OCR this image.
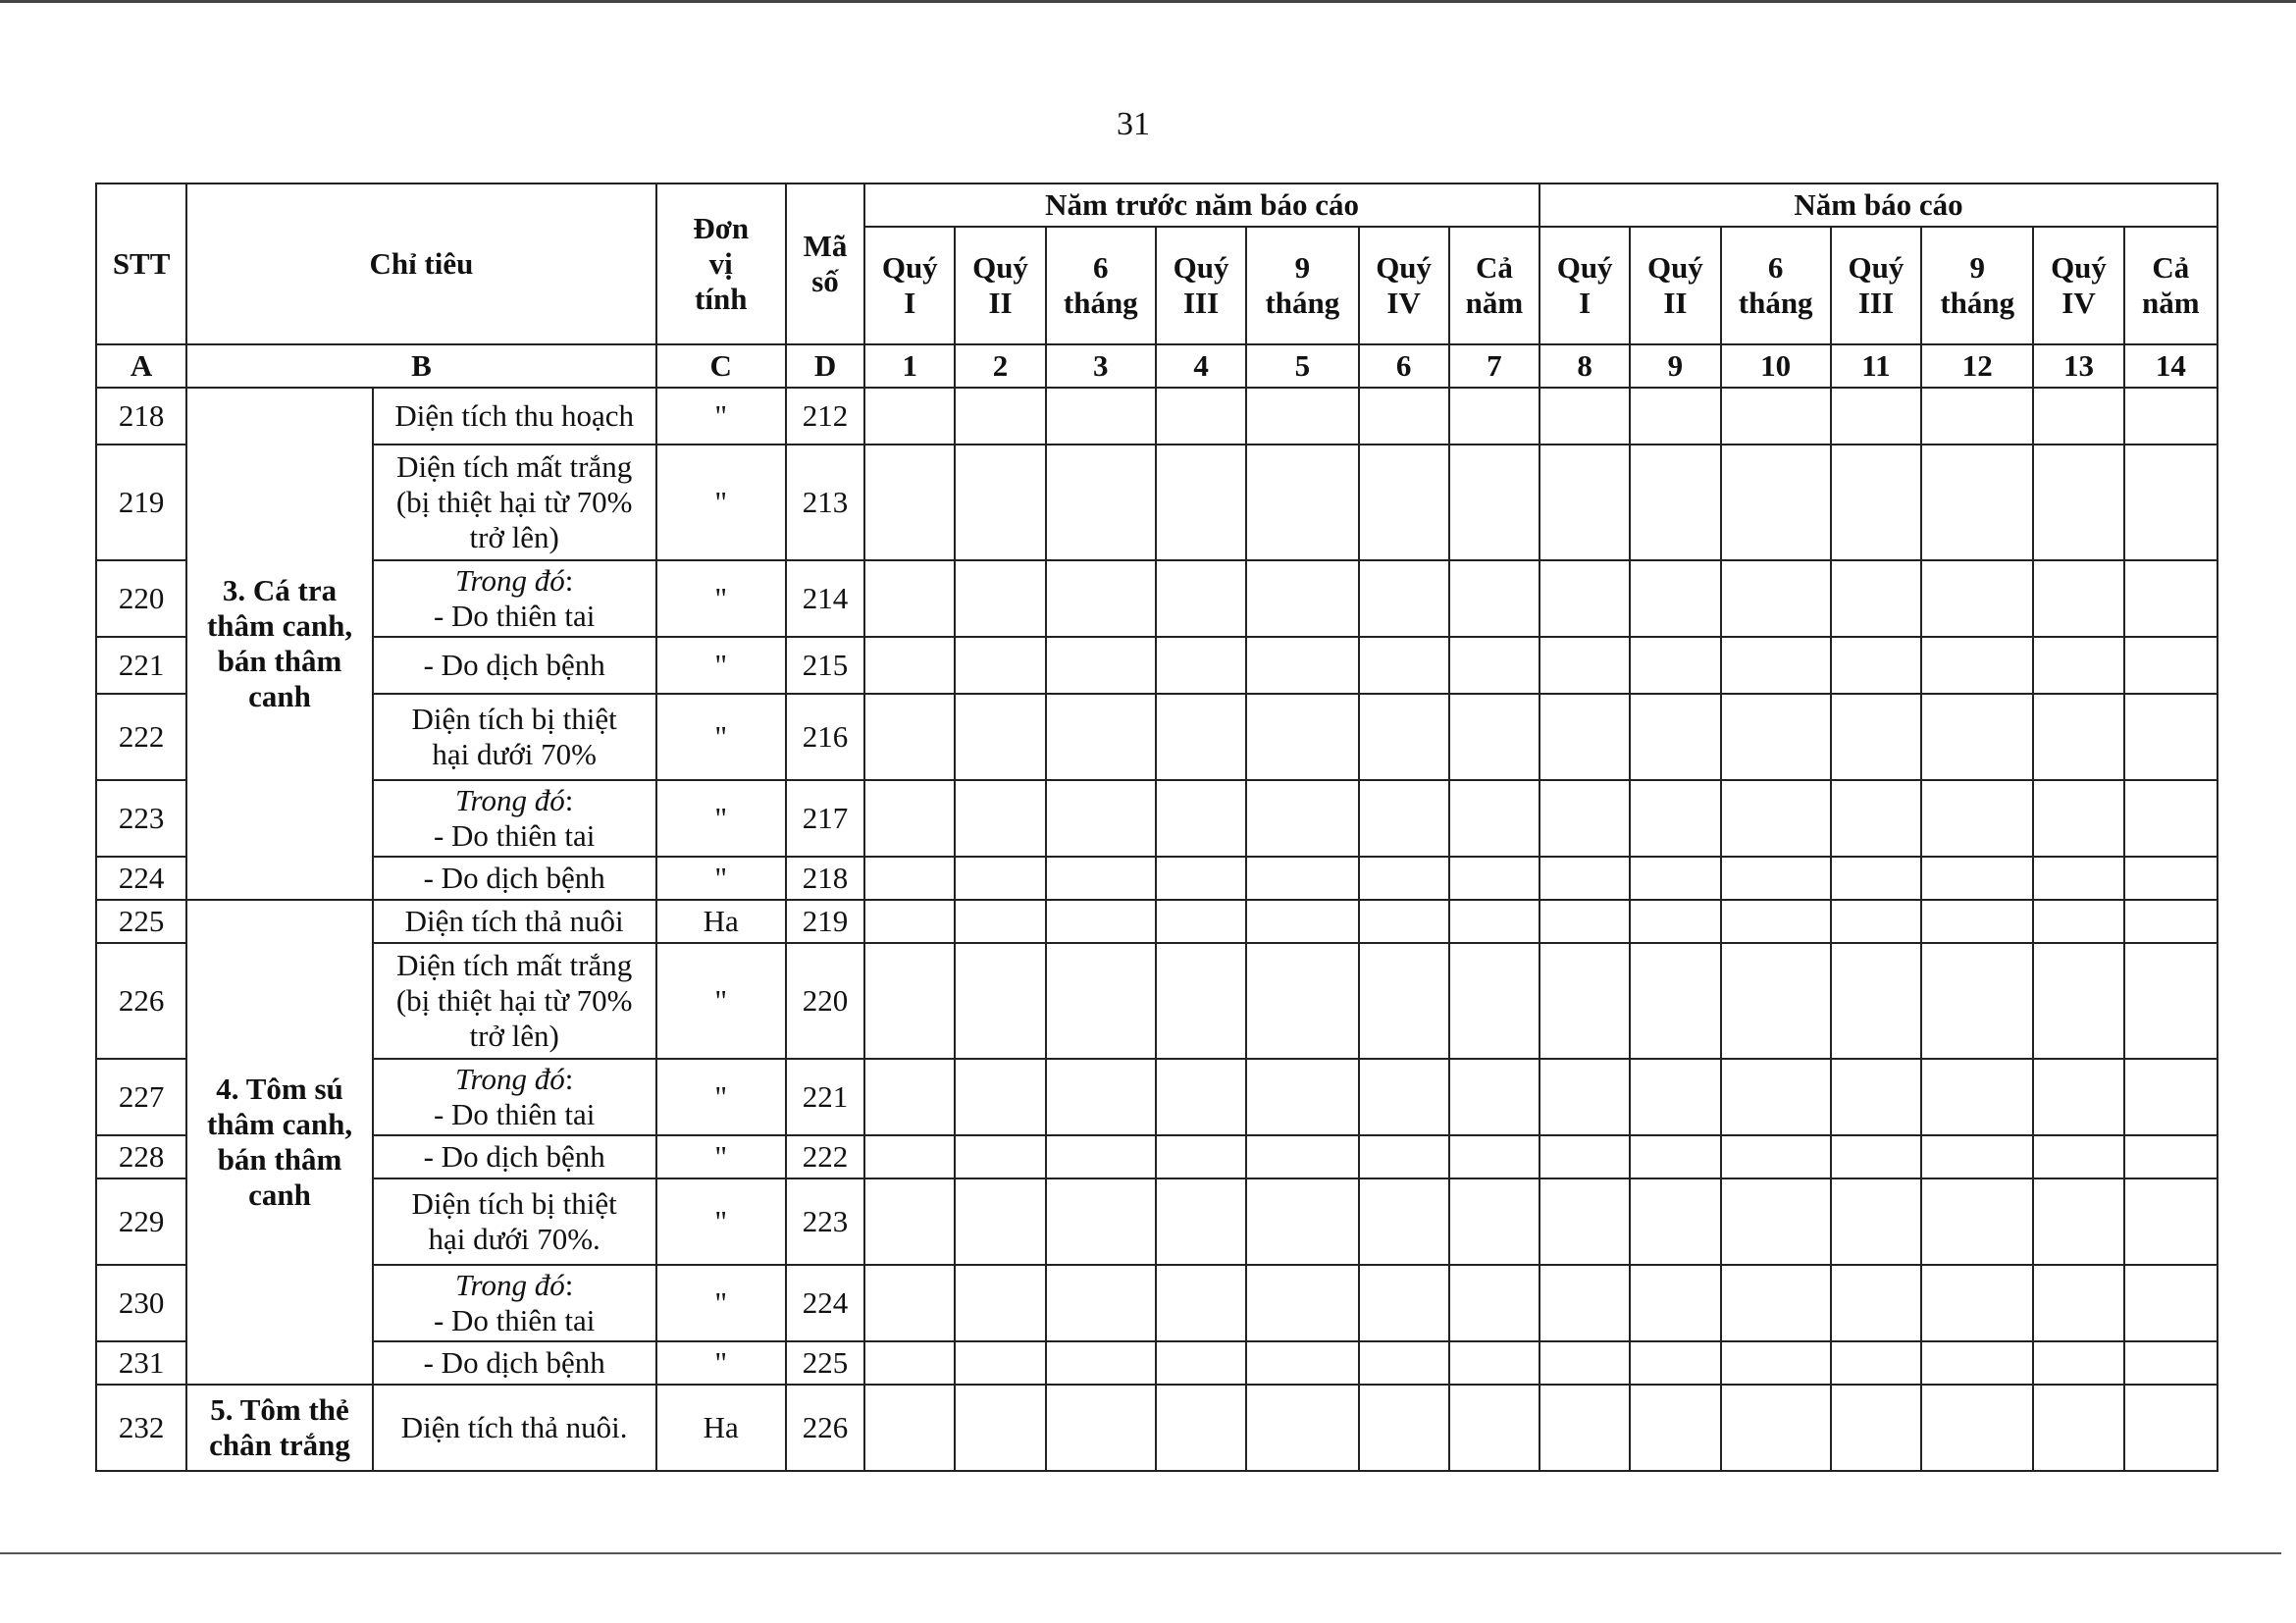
31
STT	Chỉ tiêu		Đơn
vị
tính	Mã
số	Năm trước năm báo cáo							Năm báo cáo						

					Quý
I	Quý
II	6
tháng	Quý
III	9
tháng	Quý
IV	Cả
năm	Quý
I	Quý
II	6
tháng	Quý
III	9
tháng	Quý
IV	Cả
năm

A	B		C	D	1	2	3	4	5	6	7	8	9	10	11	12	13	14
218	3. Cá tra
thâm canh,
bán thâm
canh	Diện tích thu hoạch	"	212														
219		Diện tích mất trắng
(bị thiệt hại từ 70%
trở lên)	"	213														
220		Trong đó:
- Do thiên tai	"	214														
221		- Do dịch bệnh	"	215														
222		Diện tích bị thiệt
hại dưới 70%	"	216														
223		Trong đó:
- Do thiên tai	"	217														
224		- Do dịch bệnh	"	218														
225	4. Tôm sú
thâm canh,
bán thâm
canh	Diện tích thả nuôi	Ha	219														
226		Diện tích mất trắng
(bị thiệt hại từ 70%
trở lên)	"	220														
227		Trong đó:
- Do thiên tai	"	221														
228		- Do dịch bệnh	"	222														
229		Diện tích bị thiệt
hại dưới 70%.	"	223														
230		Trong đó:
- Do thiên tai	"	224														
231		- Do dịch bệnh	"	225														
232	5. Tôm thẻ
chân trắng	Diện tích thả nuôi.	Ha	226														
